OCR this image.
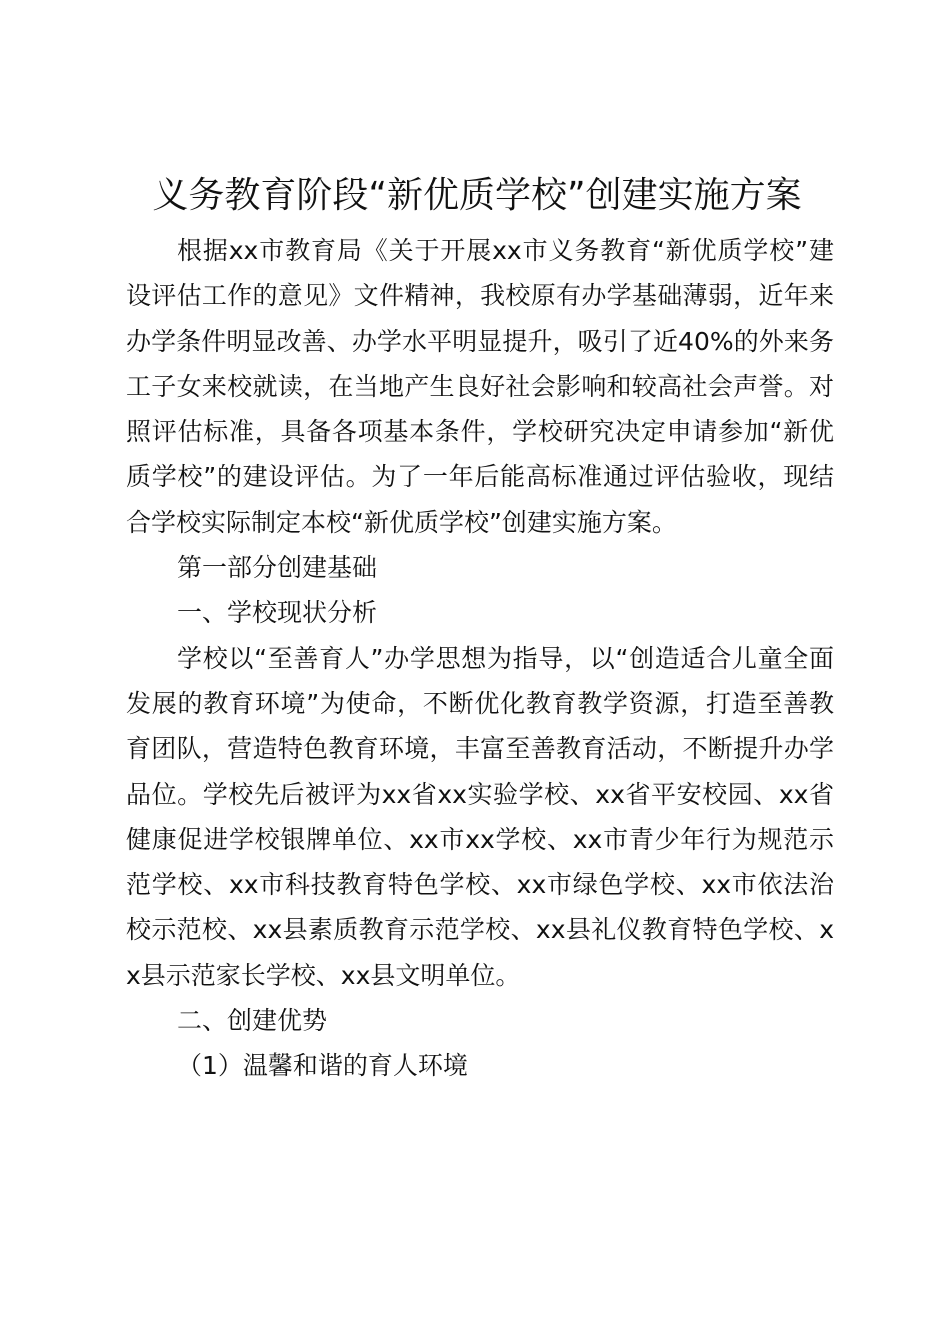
义务教育阶段“新优质学校”创建实施方案

根据xx市教育局《关于开展xx市义务教育“新优质学校”建设评估工作的意见》文件精神，我校原有办学基础薄弱，近年来办学条件明显改善、办学水平明显提升，吸引了近40%的外来务工子女来校就读，在当地产生良好社会影响和较高社会声誉。对照评估标准，具备各项基本条件，学校研究决定申请参加“新优质学校”的建设评估。为了一年后能高标准通过评估验收，现结合学校实际制定本校“新优质学校”创建实施方案。

第一部分创建基础

一、学校现状分析

学校以“至善育人”办学思想为指导，以“创造适合儿童全面发展的教育环境”为使命，不断优化教育教学资源，打造至善教育团队，营造特色教育环境，丰富至善教育活动，不断提升办学品位。学校先后被评为xx省xx实验学校、xx省平安校园、xx省健康促进学校银牌单位、xx市xx学校、xx市青少年行为规范示范学校、xx市科技教育特色学校、xx市绿色学校、xx市依法治校示范校、xx县素质教育示范学校、xx县礼仪教育特色学校、xx县示范家长学校、xx县文明单位。

二、创建优势

（1）温馨和谐的育人环境
